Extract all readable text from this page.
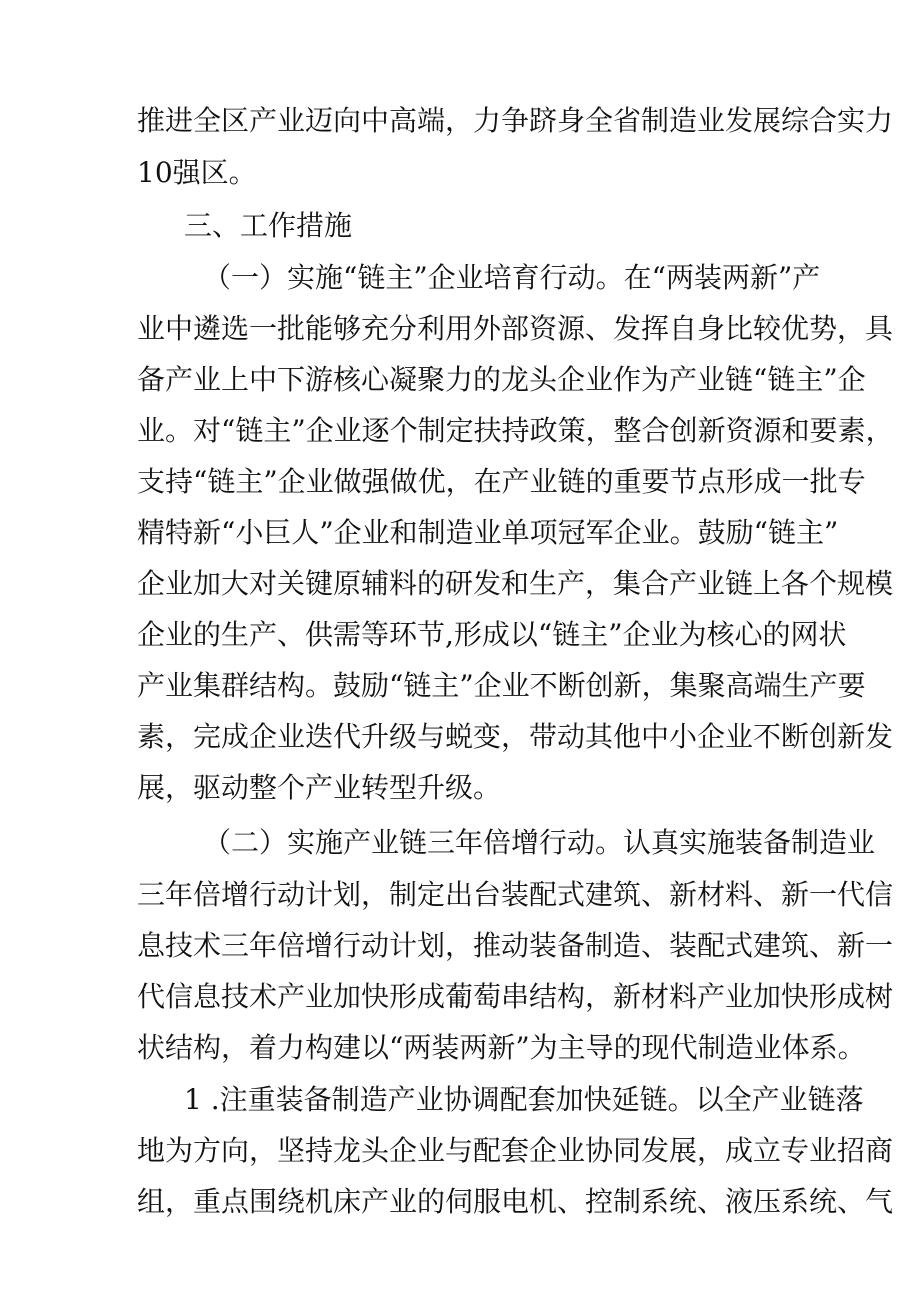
推进全区产业迈向中高端，力争跻身全省制造业发展综合实力
10强区。
三、工作措施
（一）实施“链主”企业培育行动。在“两装两新”产
业中遴选一批能够充分利用外部资源、发挥自身比较优势，具
备产业上中下游核心凝聚力的龙头企业作为产业链“链主”企
业。对“链主”企业逐个制定扶持政策，整合创新资源和要素，
支持“链主”企业做强做优，在产业链的重要节点形成一批专
精特新“小巨人”企业和制造业单项冠军企业。鼓励“链主”
企业加大对关键原辅料的研发和生产，集合产业链上各个规模
企业的生产、供需等环节,形成以“链主”企业为核心的网状
产业集群结构。鼓励“链主”企业不断创新，集聚高端生产要
素，完成企业迭代升级与蜕变，带动其他中小企业不断创新发
展，驱动整个产业转型升级。
（二）实施产业链三年倍增行动。认真实施装备制造业
三年倍增行动计划，制定出台装配式建筑、新材料、新一代信
息技术三年倍增行动计划，推动装备制造、装配式建筑、新一
代信息技术产业加快形成葡萄串结构，新材料产业加快形成树
状结构，着力构建以“两装两新”为主导的现代制造业体系。
1 .注重装备制造产业协调配套加快延链。以全产业链落
地为方向，坚持龙头企业与配套企业协同发展，成立专业招商
组，重点围绕机床产业的伺服电机、控制系统、液压系统、气
